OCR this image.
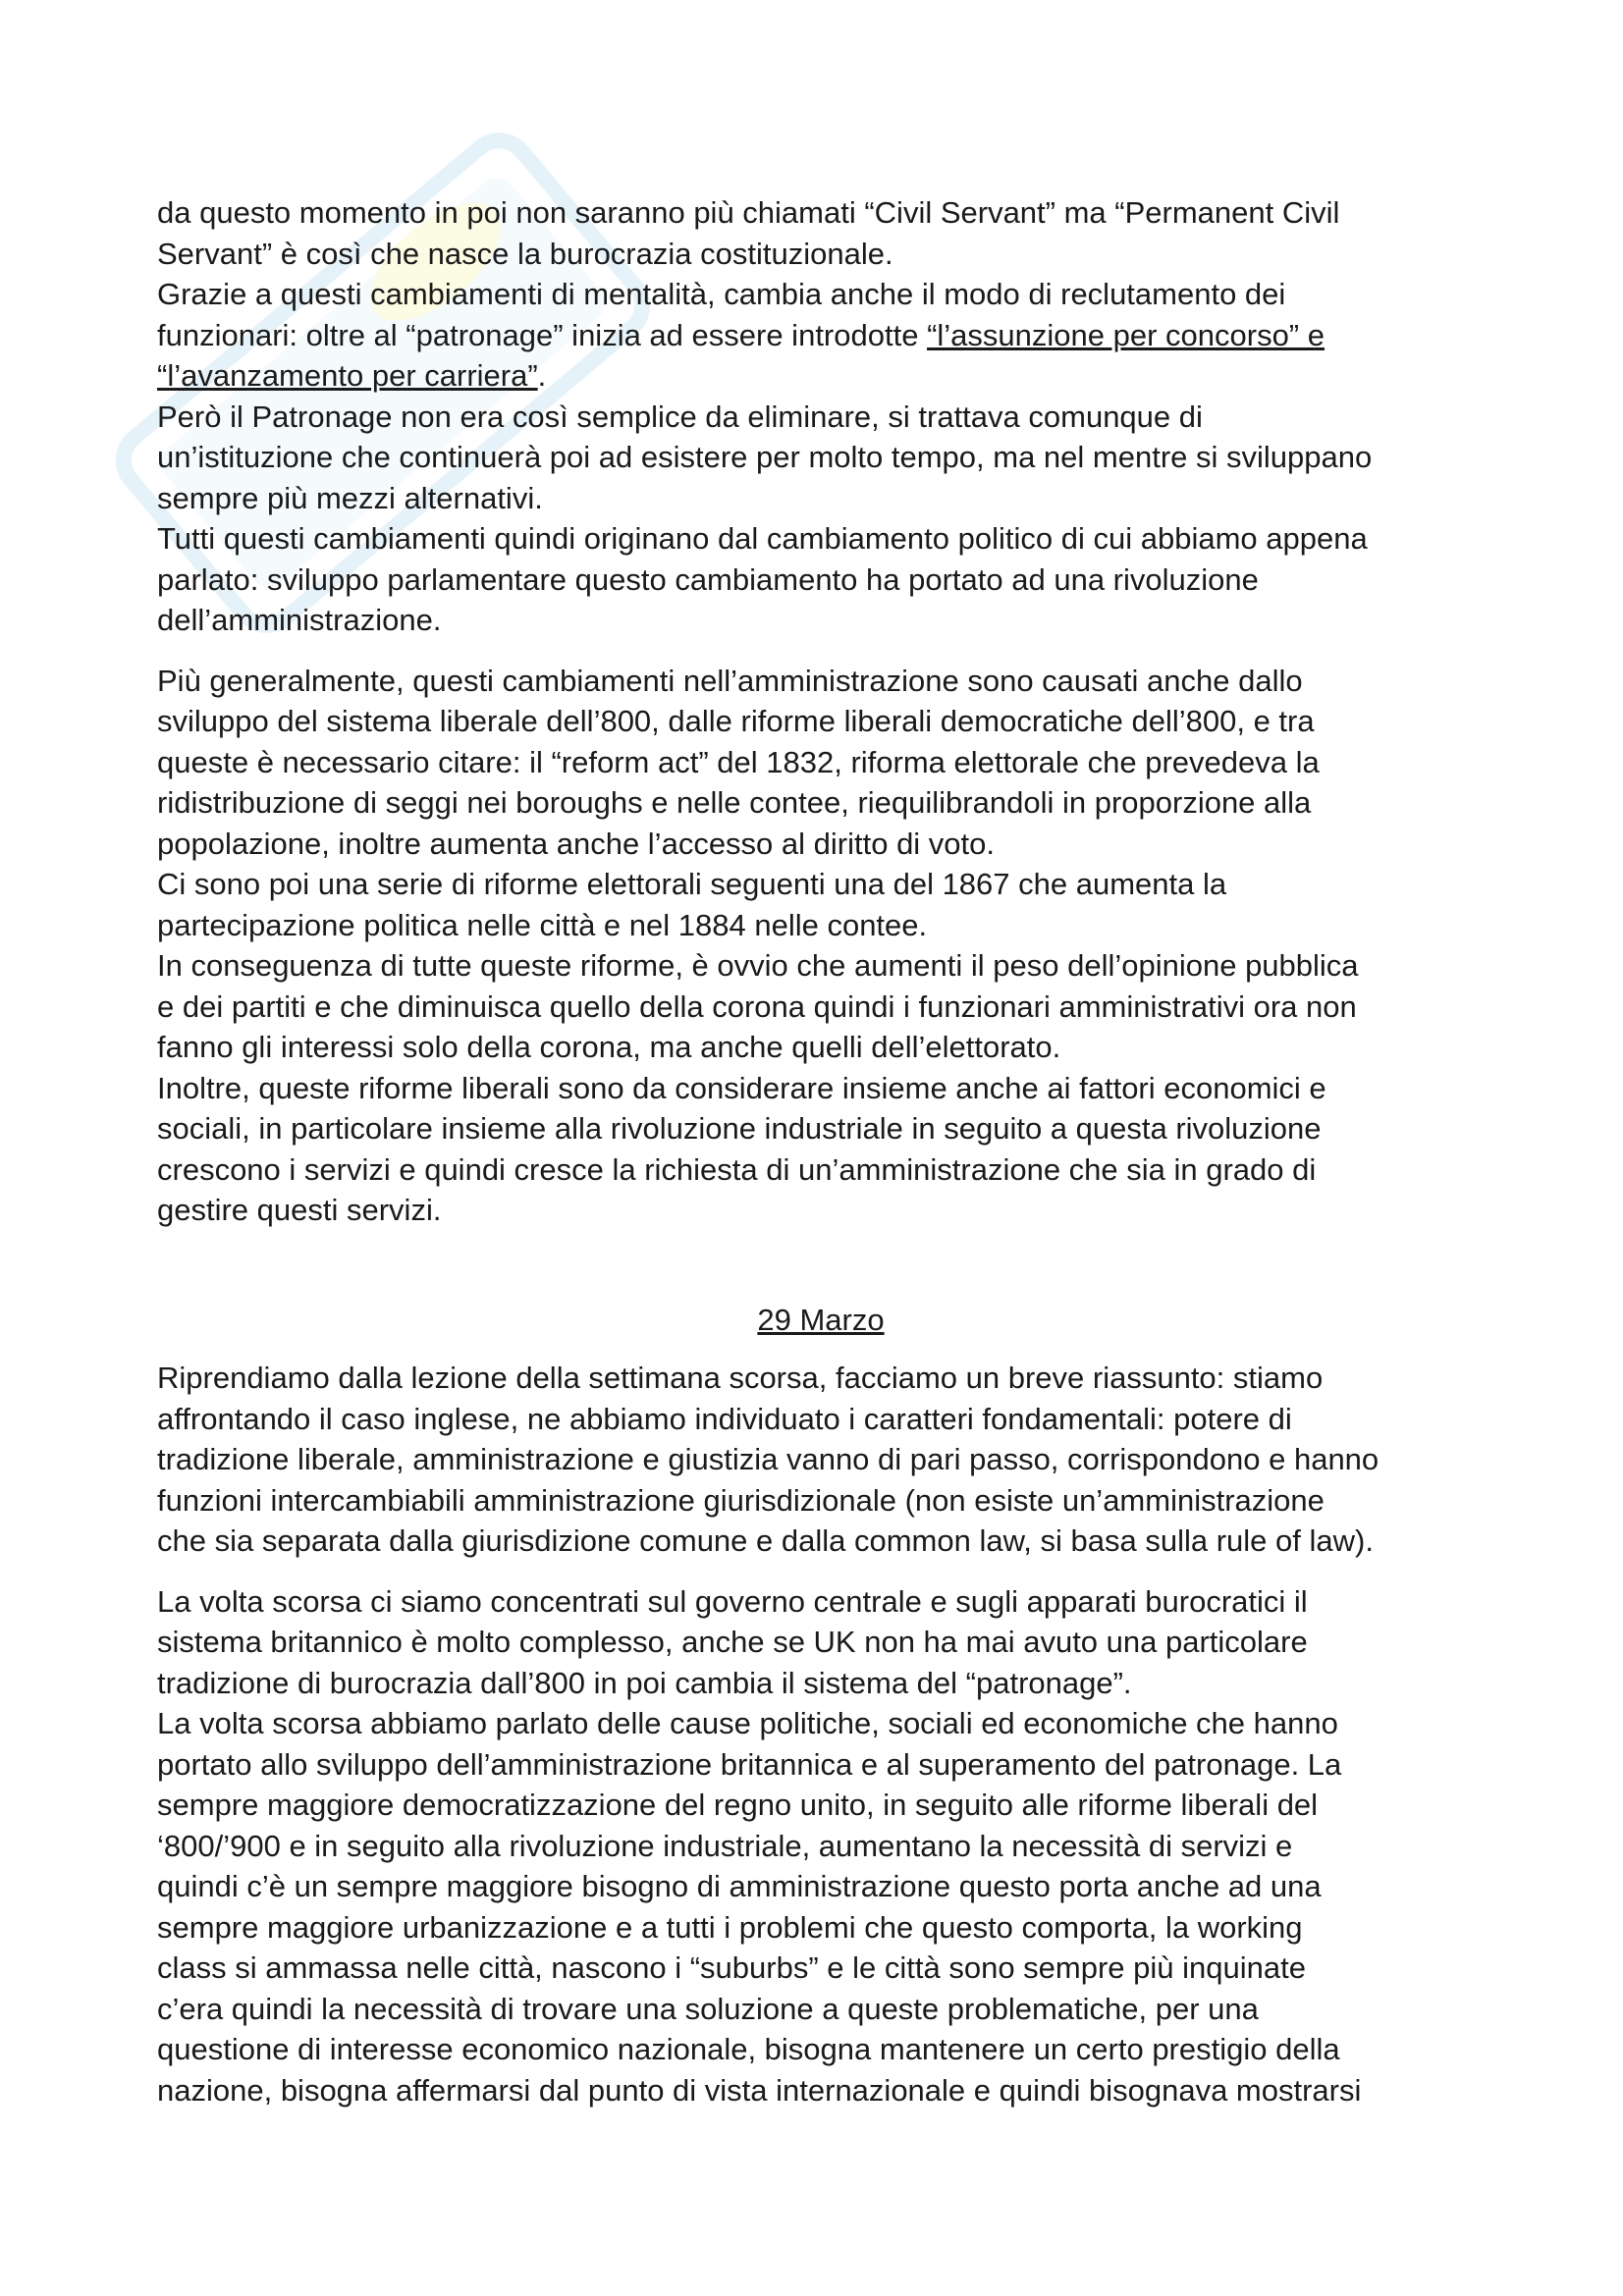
da questo momento in poi non saranno più chiamati “Civil Servant” ma “Permanent Civil
Servant” è così che nasce la burocrazia costituzionale.

Grazie a questi cambiamenti di mentalità, cambia anche il modo di reclutamento dei
funzionari: oltre al “patronage” inizia ad essere introdotte “l’assunzione per concorso” e
“l’avanzamento per carriera”.

Però il Patronage non era così semplice da eliminare, si trattava comunque di
un’istituzione che continuerà poi ad esistere per molto tempo, ma nel mentre si sviluppano
sempre più mezzi alternativi.

Tutti questi cambiamenti quindi originano dal cambiamento politico di cui abbiamo appena
parlato: sviluppo parlamentare questo cambiamento ha portato ad una rivoluzione
dell’amministrazione.

Più generalmente, questi cambiamenti nell’amministrazione sono causati anche dallo
sviluppo del sistema liberale dell’800, dalle riforme liberali democratiche dell’800, e tra
queste è necessario citare: il “reform act” del 1832, riforma elettorale che prevedeva la
ridistribuzione di seggi nei boroughs e nelle contee, riequilibrandoli in proporzione alla
popolazione, inoltre aumenta anche l’accesso al diritto di voto.

Ci sono poi una serie di riforme elettorali seguenti una del 1867 che aumenta la
partecipazione politica nelle città e nel 1884 nelle contee.

In conseguenza di tutte queste riforme, è ovvio che aumenti il peso dell’opinione pubblica
e dei partiti e che diminuisca quello della corona quindi i funzionari amministrativi ora non
fanno gli interessi solo della corona, ma anche quelli dell’elettorato.

Inoltre, queste riforme liberali sono da considerare insieme anche ai fattori economici e
sociali, in particolare insieme alla rivoluzione industriale in seguito a questa rivoluzione
crescono i servizi e quindi cresce la richiesta di un’amministrazione che sia in grado di
gestire questi servizi.

29 Marzo

Riprendiamo dalla lezione della settimana scorsa, facciamo un breve riassunto: stiamo
affrontando il caso inglese, ne abbiamo individuato i caratteri fondamentali: potere di
tradizione liberale, amministrazione e giustizia vanno di pari passo, corrispondono e hanno
funzioni intercambiabili amministrazione giurisdizionale (non esiste un’amministrazione
che sia separata dalla giurisdizione comune e dalla common law, si basa sulla rule of law).

La volta scorsa ci siamo concentrati sul governo centrale e sugli apparati burocratici il
sistema britannico è molto complesso, anche se UK non ha mai avuto una particolare
tradizione di burocrazia dall’800 in poi cambia il sistema del “patronage”.

La volta scorsa abbiamo parlato delle cause politiche, sociali ed economiche che hanno
portato allo sviluppo dell’amministrazione britannica e al superamento del patronage. La
sempre maggiore democratizzazione del regno unito, in seguito alle riforme liberali del
‘800/’900 e in seguito alla rivoluzione industriale, aumentano la necessità di servizi e
quindi c’è un sempre maggiore bisogno di amministrazione questo porta anche ad una
sempre maggiore urbanizzazione e a tutti i problemi che questo comporta, la working
class si ammassa nelle città, nascono i “suburbs” e le città sono sempre più inquinate
c’era quindi la necessità di trovare una soluzione a queste problematiche, per una
questione di interesse economico nazionale, bisogna mantenere un certo prestigio della
nazione, bisogna affermarsi dal punto di vista internazionale e quindi bisognava mostrarsi
